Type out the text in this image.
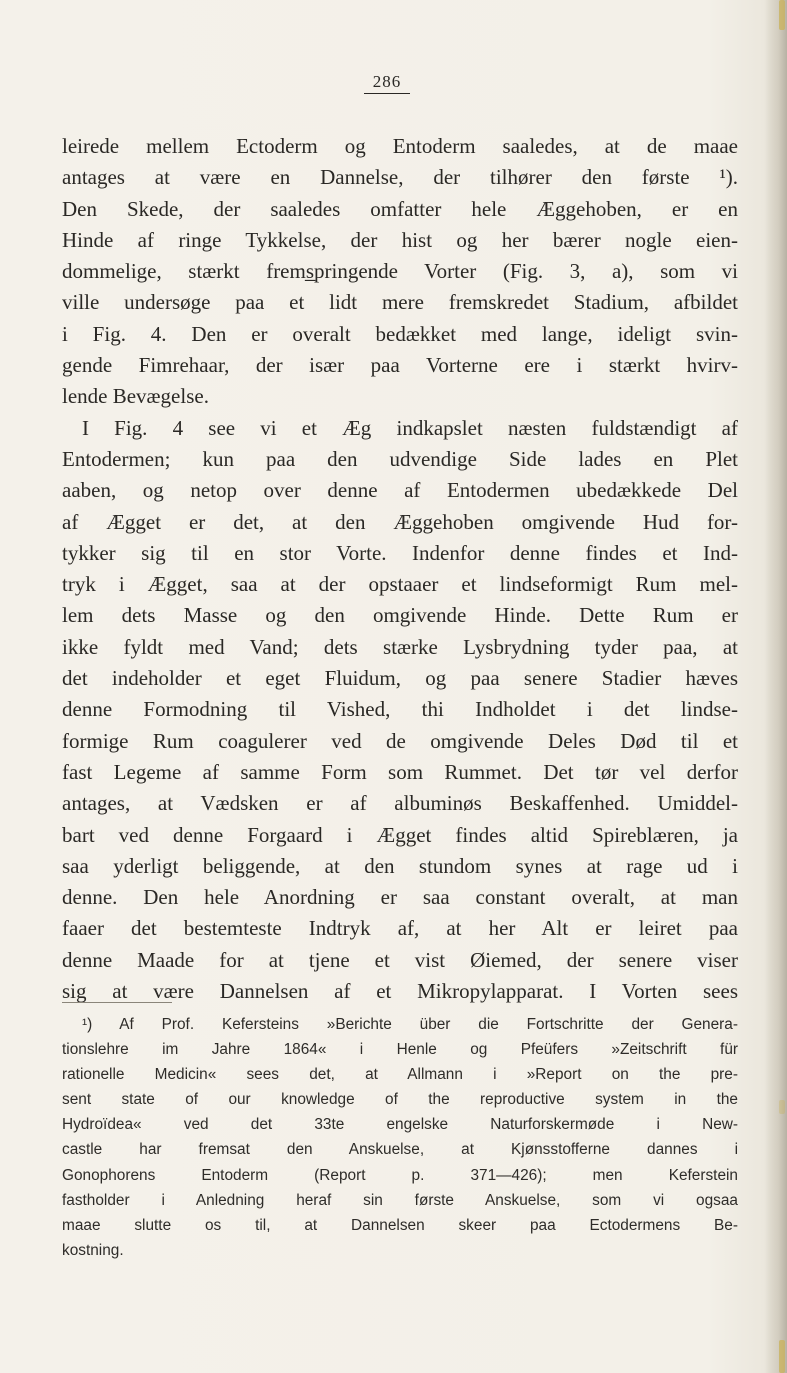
286
leirede mellem Ectoderm og Entoderm saaledes, at de maae
antages at være en Dannelse, der tilhører den første ¹).
Den Skede, der saaledes omfatter hele Æggehoben, er en
Hinde af ringe Tykkelse, der hist og her bærer nogle eien-
dommelige, stærkt frems̲pringende Vorter (Fig. 3, a), som vi
ville undersøge paa et lidt mere fremskredet Stadium, afbildet
i Fig. 4. Den er overalt bedækket med lange, ideligt svin-
gende Fimrehaar, der især paa Vorterne ere i stærkt hvirv-
lende Bevægelse.
I Fig. 4 see vi et Æg indkapslet næsten fuldstændigt af
Entodermen; kun paa den udvendige Side lades en Plet
aaben, og netop over denne af Entodermen ubedækkede Del
af Ægget er det, at den Æggehoben omgivende Hud for-
tykker sig til en stor Vorte. Indenfor denne findes et Ind-
tryk i Ægget, saa at der opstaaer et lindseformigt Rum mel-
lem dets Masse og den omgivende Hinde. Dette Rum er
ikke fyldt med Vand; dets stærke Lysbrydning tyder paa, at
det indeholder et eget Fluidum, og paa senere Stadier hæves
denne Formodning til Vished, thi Indholdet i det lindse-
formige Rum coagulerer ved de omgivende Deles Død til et
fast Legeme af samme Form som Rummet. Det tør vel derfor
antages, at Vædsken er af albuminøs Beskaffenhed. Umiddel-
bart ved denne Forgaard i Ægget findes altid Spireblæren, ja
saa yderligt beliggende, at den stundom synes at rage ud i
denne. Den hele Anordning er saa constant overalt, at man
faaer det bestemteste Indtryk af, at her Alt er leiret paa
denne Maade for at tjene et vist Øiemed, der senere viser
sig at være Dannelsen af et Mikropylapparat. I Vorten sees
¹) Af Prof. Kefersteins »Berichte über die Fortschritte der Genera-
tionslehre im Jahre 1864« i Henle og Pfeüfers »Zeitschrift für
rationelle Medicin« sees det, at Allmann i »Report on the pre-
sent state of our knowledge of the reproductive system in the
Hydroïdea« ved det 33te engelske Naturforskermøde i New-
castle har fremsat den Anskuelse, at Kjønsstofferne dannes i
Gonophorens Entoderm (Report p. 371—426); men Keferstein
fastholder i Anledning heraf sin første Anskuelse, som vi ogsaa
maae slutte os til, at Dannelsen skeer paa Ectodermens Be-
kostning.
